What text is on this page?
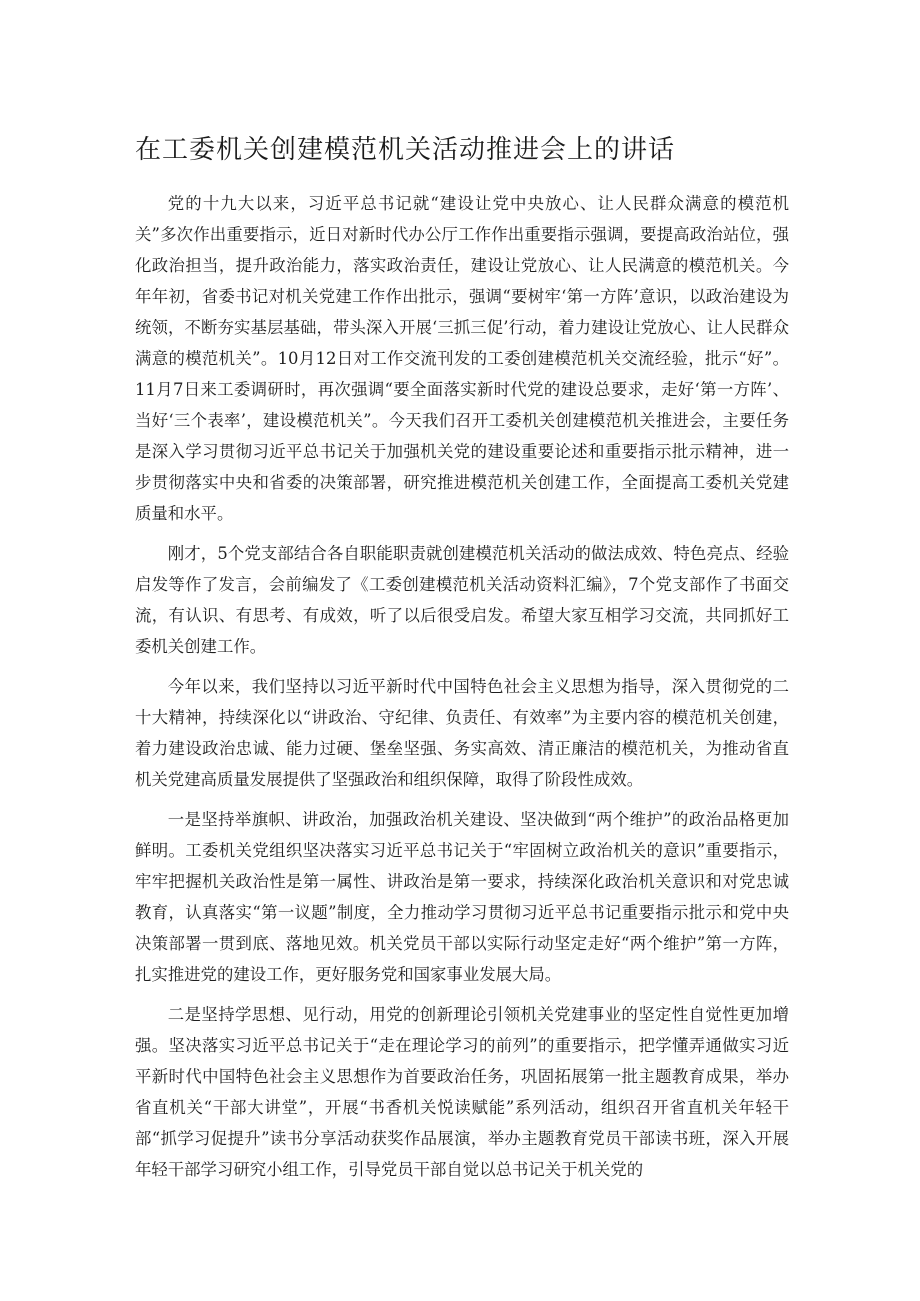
在工委机关创建模范机关活动推进会上的讲话

党的十九大以来，习近平总书记就“建设让党中央放心、让人民群众满意的模范机关”多次作出重要指示，近日对新时代办公厅工作作出重要指示强调，要提高政治站位，强化政治担当，提升政治能力，落实政治责任，建设让党放心、让人民满意的模范机关。今年年初，省委书记对机关党建工作作出批示，强调“要树牢‘第一方阵’意识，以政治建设为统领，不断夯实基层基础，带头深入开展‘三抓三促’行动，着力建设让党放心、让人民群众满意的模范机关”。10月12日对工作交流刊发的工委创建模范机关交流经验，批示“好”。11月7日来工委调研时，再次强调“要全面落实新时代党的建设总要求，走好‘第一方阵’、当好‘三个表率’，建设模范机关”。今天我们召开工委机关创建模范机关推进会，主要任务是深入学习贯彻习近平总书记关于加强机关党的建设重要论述和重要指示批示精神，进一步贯彻落实中央和省委的决策部署，研究推进模范机关创建工作，全面提高工委机关党建质量和水平。

刚才，5个党支部结合各自职能职责就创建模范机关活动的做法成效、特色亮点、经验启发等作了发言，会前编发了《工委创建模范机关活动资料汇编》，7个党支部作了书面交流，有认识、有思考、有成效，听了以后很受启发。希望大家互相学习交流，共同抓好工委机关创建工作。

今年以来，我们坚持以习近平新时代中国特色社会主义思想为指导，深入贯彻党的二十大精神，持续深化以“讲政治、守纪律、负责任、有效率”为主要内容的模范机关创建，着力建设政治忠诚、能力过硬、堡垒坚强、务实高效、清正廉洁的模范机关，为推动省直机关党建高质量发展提供了坚强政治和组织保障，取得了阶段性成效。

一是坚持举旗帜、讲政治，加强政治机关建设、坚决做到“两个维护”的政治品格更加鲜明。工委机关党组织坚决落实习近平总书记关于“牢固树立政治机关的意识”重要指示，牢牢把握机关政治性是第一属性、讲政治是第一要求，持续深化政治机关意识和对党忠诚教育，认真落实“第一议题”制度，全力推动学习贯彻习近平总书记重要指示批示和党中央决策部署一贯到底、落地见效。机关党员干部以实际行动坚定走好“两个维护”第一方阵，扎实推进党的建设工作，更好服务党和国家事业发展大局。

二是坚持学思想、见行动，用党的创新理论引领机关党建事业的坚定性自觉性更加增强。坚决落实习近平总书记关于“走在理论学习的前列”的重要指示，把学懂弄通做实习近平新时代中国特色社会主义思想作为首要政治任务，巩固拓展第一批主题教育成果，举办省直机关“干部大讲堂”，开展“书香机关悦读赋能”系列活动，组织召开省直机关年轻干部“抓学习促提升”读书分享活动获奖作品展演，举办主题教育党员干部读书班，深入开展年轻干部学习研究小组工作，引导党员干部自觉以总书记关于机关党的
